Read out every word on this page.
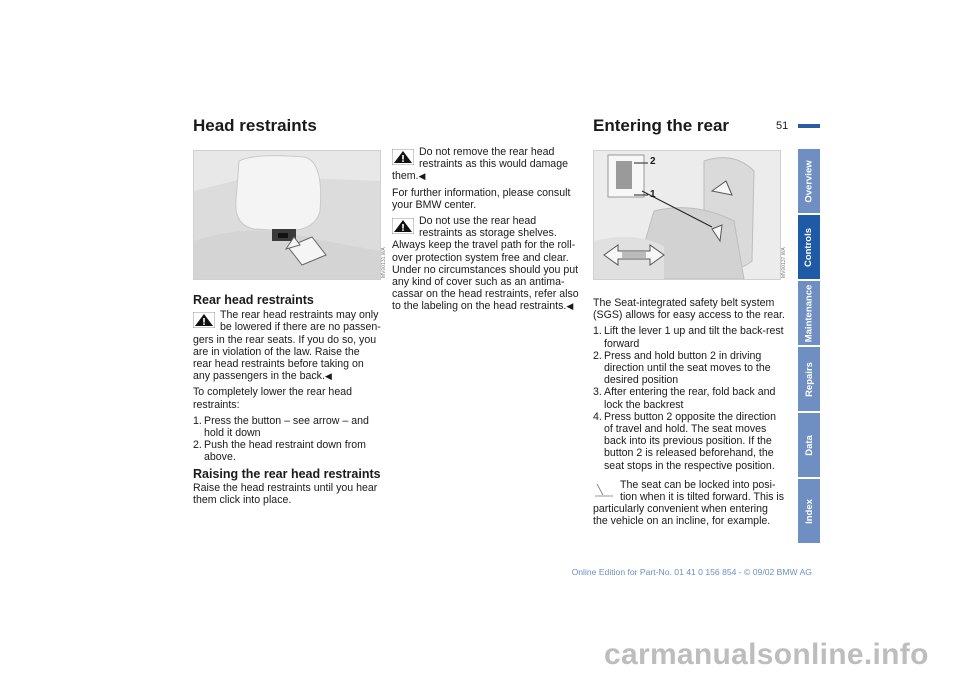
Head restraints	Entering the rear	51
MV00131.WA
Rear head restraints

The rear head restraints may only be lowered if there are no passen-gers in the rear seats. If you do so, you are in violation of the law. Raise the rear head restraints before taking on any passengers in the back.◀

To completely lower the rear head restraints:

1. Press the button – see arrow – and hold it down
2. Push the head restraint down from above.
Raising the rear head restraints

Raise the head restraints until you hear them click into place.

Do not remove the rear head restraints as this would damage them.◀

For further information, please consult your BMW center.

Do not use the rear head restraints as storage shelves. Always keep the travel path for the roll-over protection system free and clear. Under no circumstances should you put any kind of cover such as an antima-cassar on the head restraints, refer also to the labeling on the head restraints.◀

2
1
MV00137.WA

The Seat-integrated safety belt system (SGS) allows for easy access to the rear.

1. Lift the lever 1 up and tilt the back-rest forward
2. Press and hold button 2 in driving direction until the seat moves to the desired position
3. After entering the rear, fold back and lock the backrest
4. Press button 2 opposite the direction of travel and hold. The seat moves back into its previous position. If the button 2 is released beforehand, the seat stops in the respective position.

The seat can be locked into posi-tion when it is tilted forward. This is particularly convenient when entering the vehicle on an incline, for example.

Overview
Controls
Maintenance
Repairs
Data
Index
Online Edition for Part-No. 01 41 0 156 854 - © 09/02 BMW AG
carmanualsonline.info
